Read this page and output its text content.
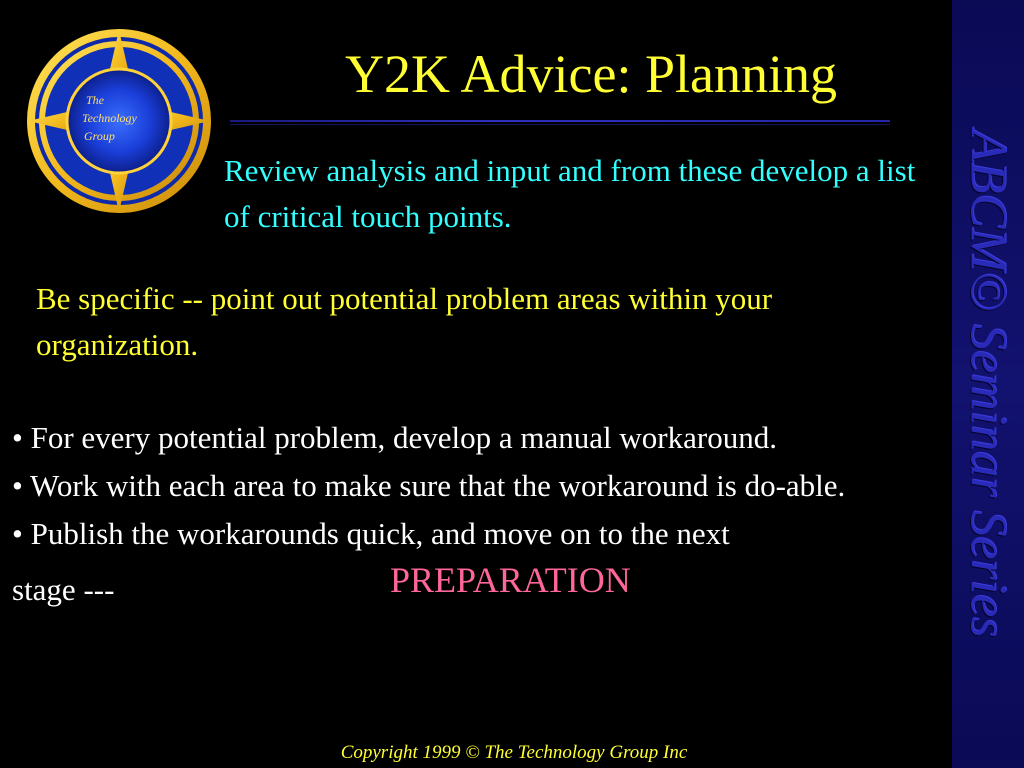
The
Technology
Group
Y2K Advice: Planning
Review analysis and input and from these develop a list of critical touch points.
Be specific -- point out potential problem areas within your organization.
• For every potential problem, develop a manual workaround.
• Work with each area to make sure that the workaround is do-able.
• Publish the workarounds quick, and move on to the next
stage ---	PREPARATION
Copyright 1999 © The Technology Group Inc
ABCM© Seminar Series
